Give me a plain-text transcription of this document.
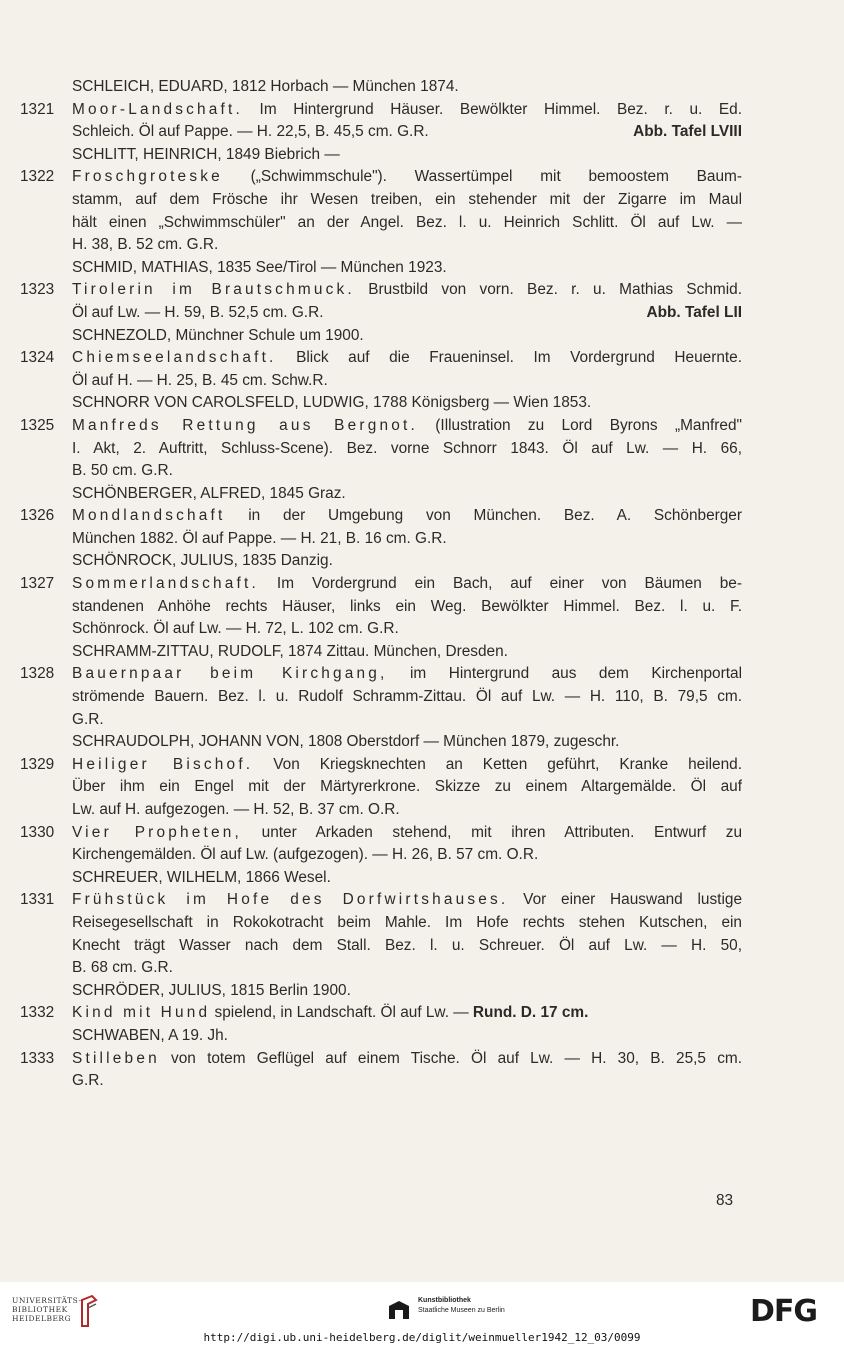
SCHLEICH, EDUARD, 1812 Horbach — München 1874.
1321	Moor-Landschaft. Im Hintergrund Häuser. Bewölkter Himmel. Bez. r. u. Ed.
Abb. Tafel LVIII
Schleich. Öl auf Pappe. — H. 22,5, B. 45,5 cm. G.R.
SCHLITT, HEINRICH, 1849 Biebrich —
1322	Froschgroteske („Schwimmschule"). Wassertümpel mit bemoostem Baum-
stamm, auf dem Frösche ihr Wesen treiben, ein stehender mit der Zigarre im Maul
hält einen „Schwimmschüler" an der Angel. Bez. l. u. Heinrich Schlitt. Öl auf Lw. —
H. 38, B. 52 cm. G.R.
SCHMID, MATHIAS, 1835 See/Tirol — München 1923.
1323	Tirolerin im Brautschmuck. Brustbild von vorn. Bez. r. u. Mathias Schmid.
Abb. Tafel LII
Öl auf Lw. — H. 59, B. 52,5 cm. G.R.
SCHNEZOLD, Münchner Schule um 1900.
1324	Chiemseelandschaft. Blick auf die Fraueninsel. Im Vordergrund Heuernte.
Öl auf H. — H. 25, B. 45 cm. Schw.R.
SCHNORR VON CAROLSFELD, LUDWIG, 1788 Königsberg — Wien 1853.
1325	Manfreds Rettung aus Bergnot. (Illustration zu Lord Byrons „Manfred"
I. Akt, 2. Auftritt, Schluss-Scene). Bez. vorne Schnorr 1843. Öl auf Lw. — H. 66,
B. 50 cm. G.R.
SCHÖNBERGER, ALFRED, 1845 Graz.
1326	Mondlandschaft in der Umgebung von München. Bez. A. Schönberger
München 1882. Öl auf Pappe. — H. 21, B. 16 cm. G.R.
SCHÖNROCK, JULIUS, 1835 Danzig.
1327	Sommerlandschaft. Im Vordergrund ein Bach, auf einer von Bäumen be-
standenen Anhöhe rechts Häuser, links ein Weg. Bewölkter Himmel. Bez. l. u. F.
Schönrock. Öl auf Lw. — H. 72, L. 102 cm. G.R.
SCHRAMM-ZITTAU, RUDOLF, 1874 Zittau. München, Dresden.
1328	Bauernpaar beim Kirchgang, im Hintergrund aus dem Kirchenportal
strömende Bauern. Bez. l. u. Rudolf Schramm-Zittau. Öl auf Lw. — H. 110, B. 79,5 cm.
G.R.
SCHRAUDOLPH, JOHANN VON, 1808 Oberstdorf — München 1879, zugeschr.
1329	Heiliger Bischof. Von Kriegsknechten an Ketten geführt, Kranke heilend.
Über ihm ein Engel mit der Märtyrerkrone. Skizze zu einem Altargemälde. Öl auf
Lw. auf H. aufgezogen. — H. 52, B. 37 cm. O.R.
1330	Vier Propheten, unter Arkaden stehend, mit ihren Attributen. Entwurf zu
Kirchengemälden. Öl auf Lw. (aufgezogen). — H. 26, B. 57 cm. O.R.
SCHREUER, WILHELM, 1866 Wesel.
1331	Frühstück im Hofe des Dorfwirtshauses. Vor einer Hauswand lustige
Reisegesellschaft in Rokokotracht beim Mahle. Im Hofe rechts stehen Kutschen, ein
Knecht trägt Wasser nach dem Stall. Bez. l. u. Schreuer. Öl auf Lw. — H. 50,
B. 68 cm. G.R.
SCHRÖDER, JULIUS, 1815 Berlin 1900.
1332	Kind mit Hund spielend, in Landschaft. Öl auf Lw. — Rund. D. 17 cm.
SCHWABEN, A 19. Jh.
1333	Stilleben von totem Geflügel auf einem Tische. Öl auf Lw. — H. 30, B. 25,5 cm.
G.R.
83
UNIVERSITÄTS-
BIBLIOTHEK
HEIDELBERG
Kunstbibliothek
Staatliche Museen zu Berlin	DFG
http://digi.ub.uni-heidelberg.de/diglit/weinmueller1942_12_03/0099
